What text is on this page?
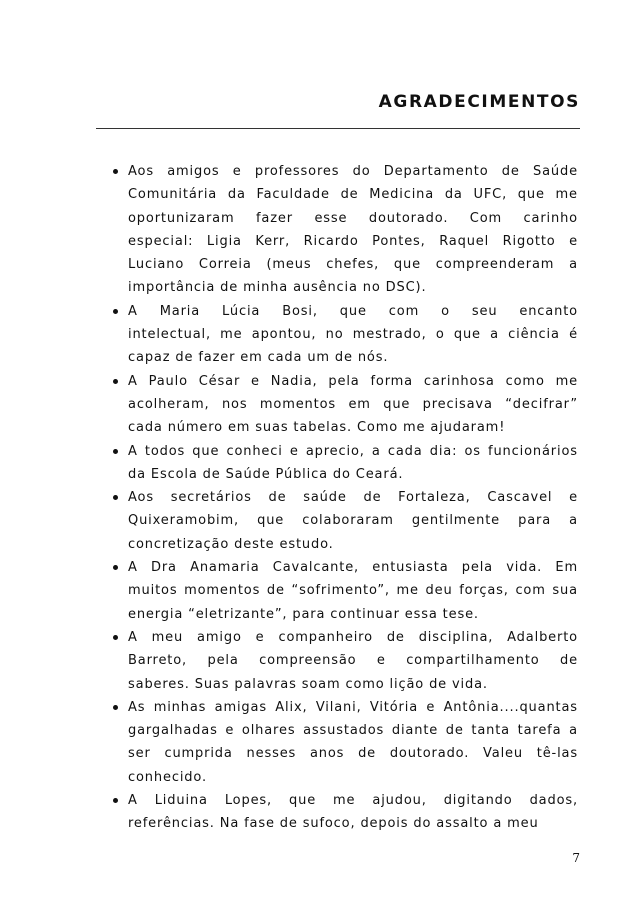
AGRADECIMENTOS
Aos amigos e professores do Departamento de Saúde
Comunitária da Faculdade de Medicina da UFC, que me
oportunizaram fazer esse doutorado. Com carinho
especial: Ligia Kerr, Ricardo Pontes, Raquel Rigotto e
Luciano Correia (meus chefes, que compreenderam a
importância de minha ausência no DSC).
A Maria Lúcia Bosi, que com o seu encanto
intelectual, me apontou, no mestrado, o que a ciência é
capaz de fazer em cada um de nós.
A Paulo César e Nadia, pela forma carinhosa como me
acolheram, nos momentos em que precisava “decifrar”
cada número em suas tabelas. Como me ajudaram!
A todos que conheci e aprecio, a cada dia: os funcionários
da Escola de Saúde Pública do Ceará.
Aos secretários de saúde de Fortaleza, Cascavel e
Quixeramobim, que colaboraram gentilmente para a
concretização deste estudo.
A Dra Anamaria Cavalcante, entusiasta pela vida. Em
muitos momentos de “sofrimento”, me deu forças, com sua
energia “eletrizante”, para continuar essa tese.
A meu amigo e companheiro de disciplina, Adalberto
Barreto, pela compreensão e compartilhamento de
saberes. Suas palavras soam como lição de vida.
As minhas amigas Alix, Vilani, Vitória e Antônia....quantas
gargalhadas e olhares assustados diante de tanta tarefa a
ser cumprida nesses anos de doutorado. Valeu tê-las
conhecido.
A Liduina Lopes, que me ajudou, digitando dados,
referências. Na fase de sufoco, depois do assalto a meu
7
